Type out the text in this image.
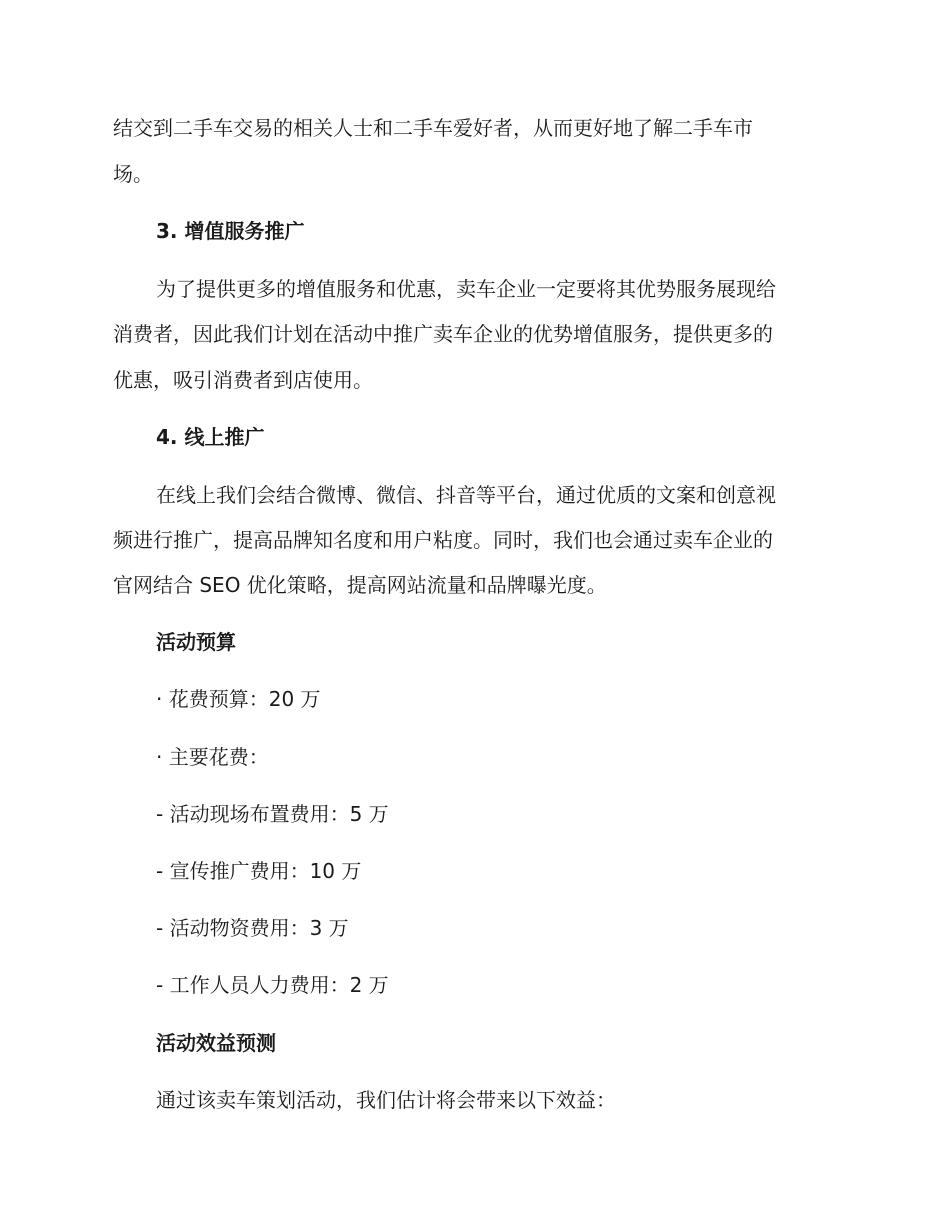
结交到二手车交易的相关人士和二手车爱好者，从而更好地了解二手车市
场。
3. 增值服务推广
为了提供更多的增值服务和优惠，卖车企业一定要将其优势服务展现给
消费者，因此我们计划在活动中推广卖车企业的优势增值服务，提供更多的
优惠，吸引消费者到店使用。
4. 线上推广
在线上我们会结合微博、微信、抖音等平台，通过优质的文案和创意视
频进行推广，提高品牌知名度和用户粘度。同时，我们也会通过卖车企业的
官网结合 SEO 优化策略，提高网站流量和品牌曝光度。
活动预算
· 花费预算：20 万
· 主要花费：
- 活动现场布置费用：5 万
- 宣传推广费用：10 万
- 活动物资费用：3 万
- 工作人员人力费用：2 万
活动效益预测
通过该卖车策划活动，我们估计将会带来以下效益：
